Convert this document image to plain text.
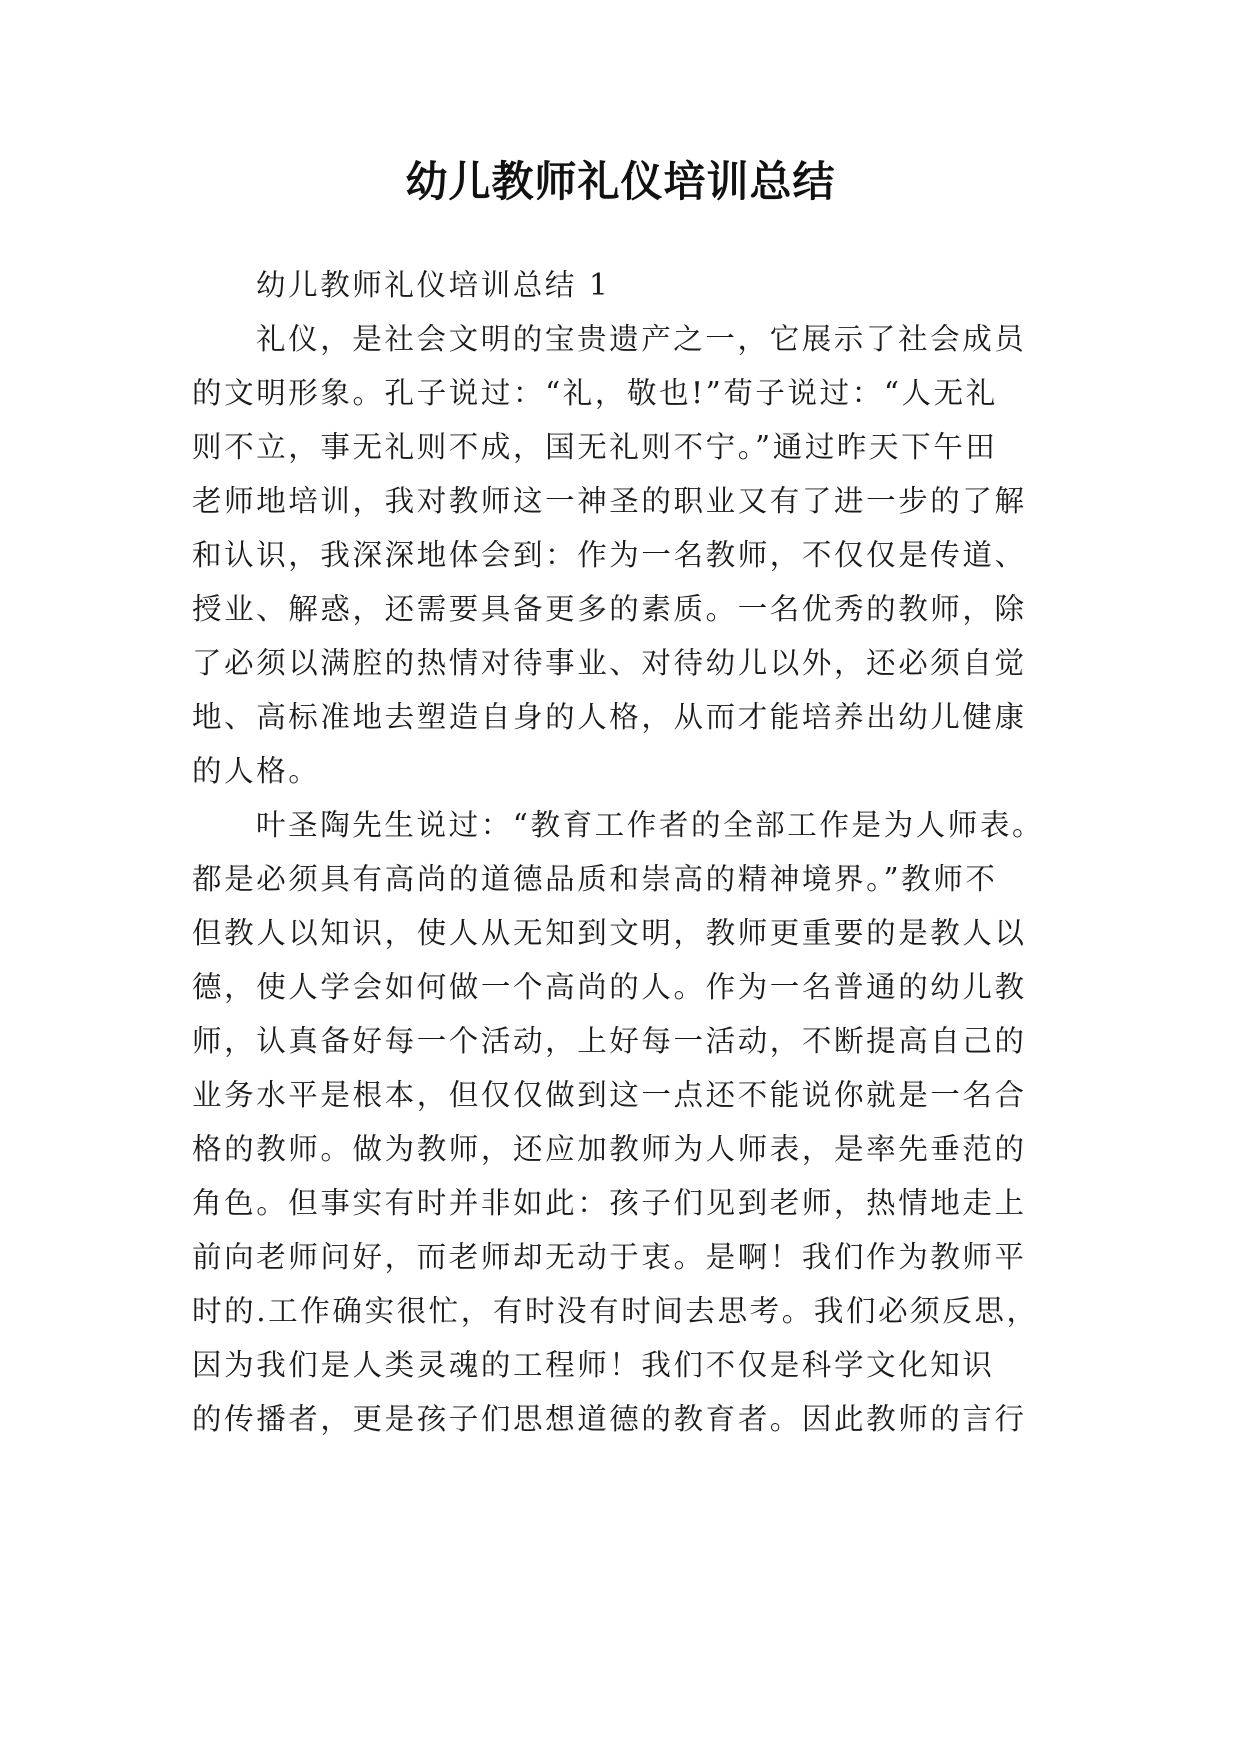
幼儿教师礼仪培训总结

幼儿教师礼仪培训总结 1

礼仪，是社会文明的宝贵遗产之一，它展示了社会成员

的文明形象。孔子说过：“礼，敬也!”荀子说过：“人无礼

则不立，事无礼则不成，国无礼则不宁。”通过昨天下午田

老师地培训，我对教师这一神圣的职业又有了进一步的了解

和认识，我深深地体会到：作为一名教师，不仅仅是传道、

授业、解惑，还需要具备更多的素质。一名优秀的教师，除

了必须以满腔的热情对待事业、对待幼儿以外，还必须自觉

地、高标准地去塑造自身的人格，从而才能培养出幼儿健康

的人格。

叶圣陶先生说过：“教育工作者的全部工作是为人师表。

都是必须具有高尚的道德品质和崇高的精神境界。”教师不

但教人以知识，使人从无知到文明，教师更重要的是教人以

德，使人学会如何做一个高尚的人。作为一名普通的幼儿教

师，认真备好每一个活动，上好每一活动，不断提高自己的

业务水平是根本，但仅仅做到这一点还不能说你就是一名合

格的教师。做为教师，还应加教师为人师表，是率先垂范的

角色。但事实有时并非如此：孩子们见到老师，热情地走上

前向老师问好，而老师却无动于衷。是啊！我们作为教师平

时的.工作确实很忙，有时没有时间去思考。我们必须反思，

因为我们是人类灵魂的工程师！我们不仅是科学文化知识

的传播者，更是孩子们思想道德的教育者。因此教师的言行
